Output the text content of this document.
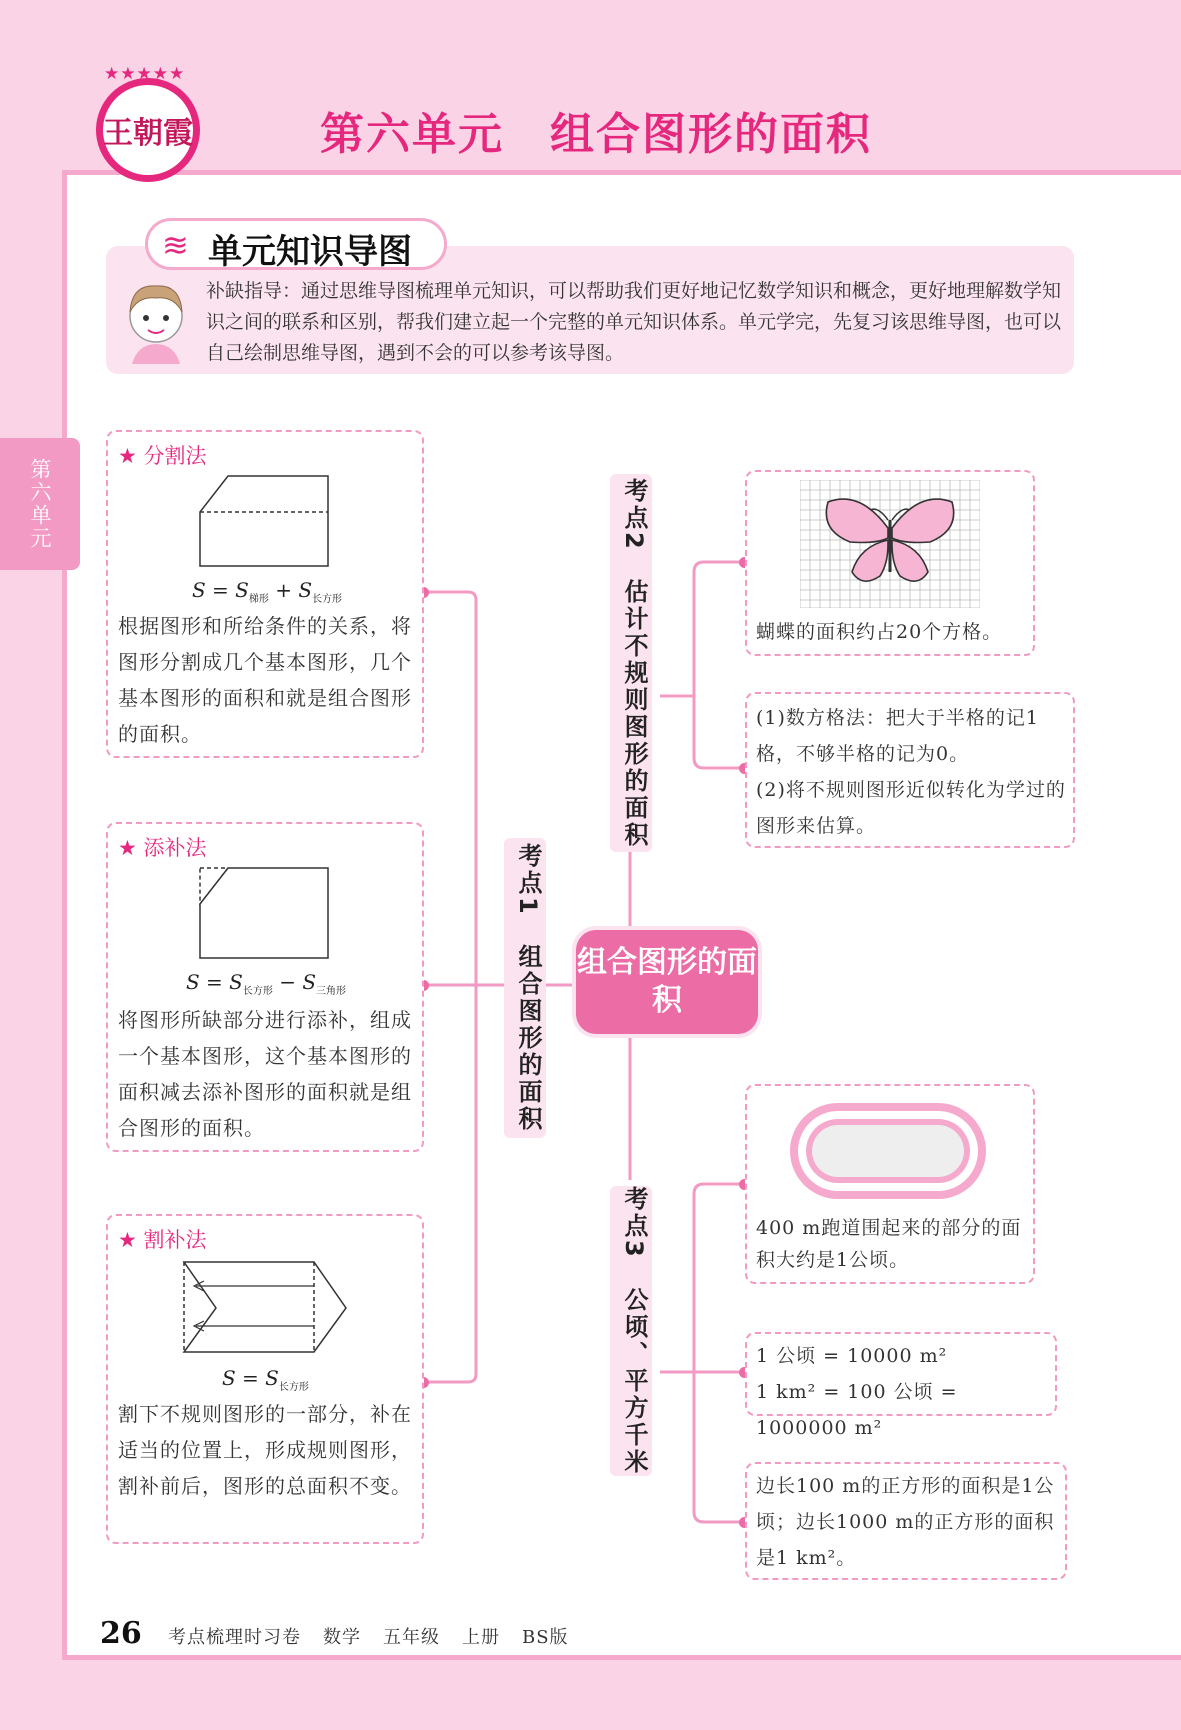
王朝霞
★★★★★
第六单元　组合图形的面积
第六单元
≋ 单元知识导图
补缺指导：通过思维导图梳理单元知识，可以帮助我们更好地记忆数学知识和概念，更好地理解数学知识之间的联系和区别，帮我们建立起一个完整的单元知识体系。单元学完，先复习该思维导图，也可以自己绘制思维导图，遇到不会的可以参考该导图。
组合图形的面积
考点1　组合图形的面积
考点2　估计不规则图形的面积
考点3　公顷、平方千米
★ 分割法
$S = S_{梯形} + S_{长方形}$
根据图形和所给条件的关系，将图形分割成几个基本图形，几个基本图形的面积和就是组合图形的面积。
★ 添补法
$S = S_{长方形} - S_{三角形}$
将图形所缺部分进行添补，组成一个基本图形，这个基本图形的面积减去添补图形的面积就是组合图形的面积。
★ 割补法
$S = S_{长方形}$
割下不规则图形的一部分，补在适当的位置上，形成规则图形，割补前后，图形的总面积不变。
蝴蝶的面积约占20个方格。
(1)数方格法：把大于半格的记1格，不够半格的记为0。
(2)将不规则图形近似转化为学过的图形来估算。
400 m跑道围起来的部分的面积大约是1公顷。
1 公顷 = 10000 m²
1 km² = 100 公顷 = 1000000 m²
边长100 m的正方形的面积是1公顷；边长1000 m的正方形的面积是1 km²。
26 考点梳理时习卷 数学 五年级 上册 BS版
